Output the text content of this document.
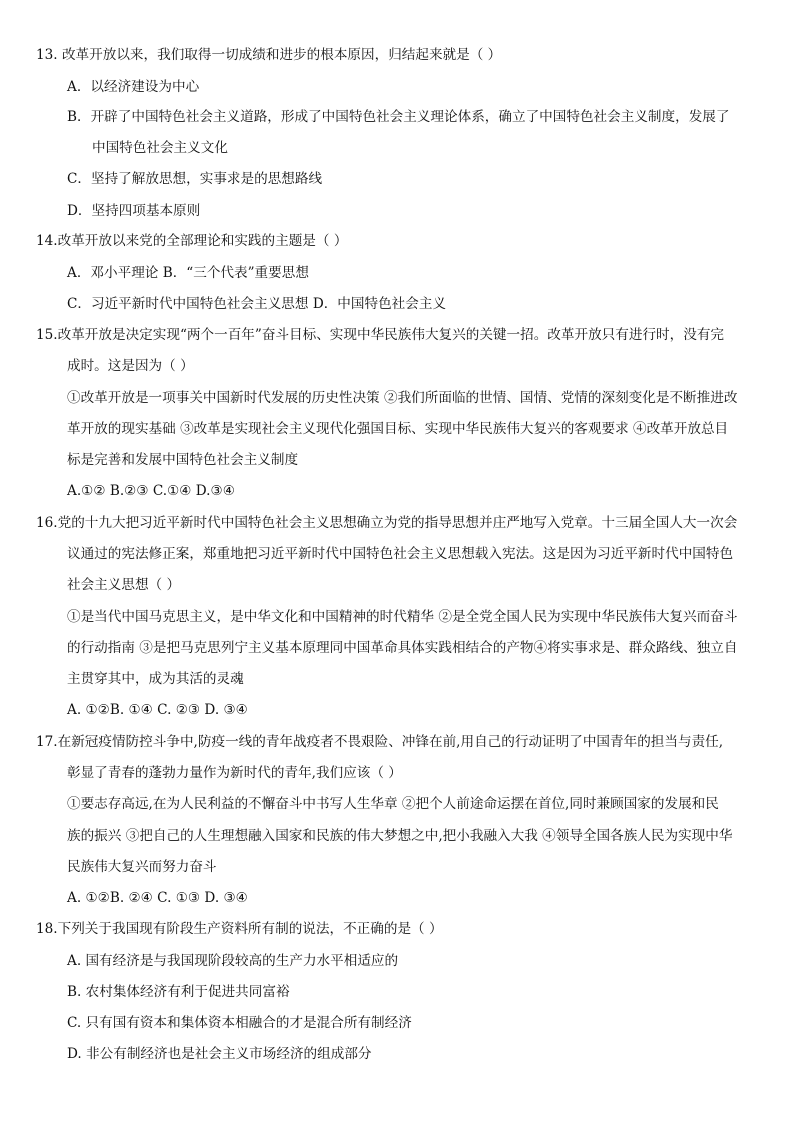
13. 改革开放以来，我们取得一切成绩和进步的根本原因，归结起来就是（ ）
A．以经济建设为中心
B．开辟了中国特色社会主义道路，形成了中国特色社会主义理论体系，确立了中国特色社会主义制度，发展了
中国特色社会主义文化
C．坚持了解放思想，实事求是的思想路线
D．坚持四项基本原则
14.改革开放以来党的全部理论和实践的主题是（ ）
A．邓小平理论 B．“三个代表”重要思想
C．习近平新时代中国特色社会主义思想 D．中国特色社会主义
15.改革开放是决定实现“两个一百年”奋斗目标、实现中华民族伟大复兴的关键一招。改革开放只有进行时，没有完
成时。这是因为（ ）
①改革开放是一项事关中国新时代发展的历史性决策 ②我们所面临的世情、国情、党情的深刻变化是不断推进改
革开放的现实基础 ③改革是实现社会主义现代化强国目标、实现中华民族伟大复兴的客观要求 ④改革开放总目
标是完善和发展中国特色社会主义制度
A.①② B.②③ C.①④ D.③④
16.党的十九大把习近平新时代中国特色社会主义思想确立为党的指导思想并庄严地写入党章。十三届全国人大一次会
议通过的宪法修正案，郑重地把习近平新时代中国特色社会主义思想载入宪法。这是因为习近平新时代中国特色
社会主义思想（ ）
①是当代中国马克思主义，是中华文化和中国精神的时代精华 ②是全党全国人民为实现中华民族伟大复兴而奋斗
的行动指南 ③是把马克思列宁主义基本原理同中国革命具体实践相结合的产物④将实事求是、群众路线、独立自
主贯穿其中，成为其活的灵魂
A. ①②B. ①④ C. ②③ D. ③④
17.在新冠疫情防控斗争中,防疫一线的青年战疫者不畏艰险、冲锋在前,用自己的行动证明了中国青年的担当与责任,
彰显了青春的蓬勃力量作为新时代的青年,我们应该（ ）
①要志存高远,在为人民利益的不懈奋斗中书写人生华章 ②把个人前途命运摆在首位,同时兼顾国家的发展和民
族的振兴 ③把自己的人生理想融入国家和民族的伟大梦想之中,把小我融入大我 ④领导全国各族人民为实现中华
民族伟大复兴而努力奋斗
A. ①②B. ②④ C. ①③ D. ③④
18.下列关于我国现有阶段生产资料所有制的说法，不正确的是（ ）
A. 国有经济是与我国现阶段较高的生产力水平相适应的
B. 农村集体经济有利于促进共同富裕
C. 只有国有资本和集体资本相融合的才是混合所有制经济
D. 非公有制经济也是社会主义市场经济的组成部分
